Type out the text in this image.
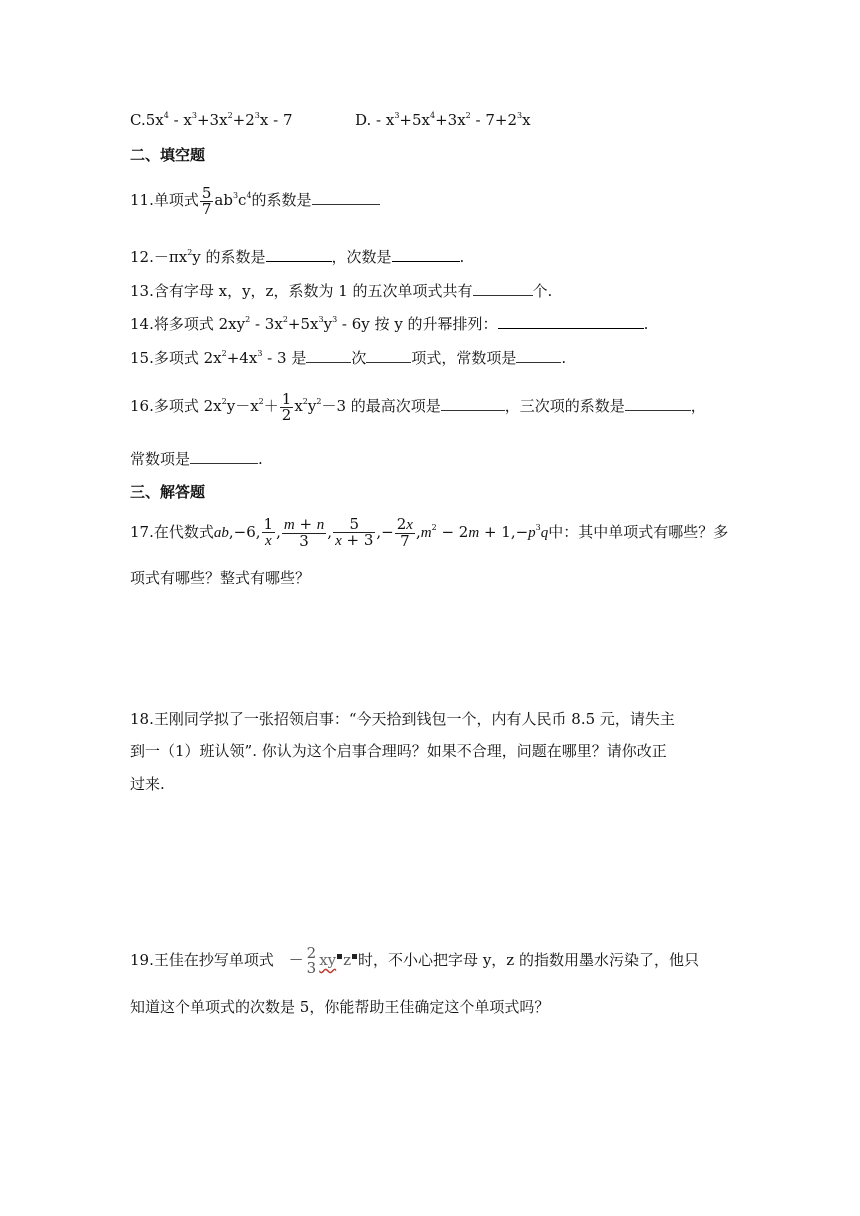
$C.5x^4$ ‑ $x^3+3x^2+2^3x$ ‑ 7	D. ‑ $x^3+5x^4+3x^2$ ‑ $7+2^3x$
二、填空题
11.单项式 $\frac{5}{7} ab^3c^4$的系数是
$12.-\pi x^2y$ 的系数是	，次数是	.
13.含有字母 x，y，z，系数为 1 的五次单项式共有	个.
14.将多项式 $2xy^2$ ‑ $3x^2+5x^3y^3$ ‑ 6y 按 y 的升幂排列：	.
15.多项式 $2x^2+4x^3$ ‑ 3 是	次	项式，常数项是	.
16.多项式 $2x^2y-x^2+ \frac{1}{2} x^2y^2-3$ 的最高次项是	，三次项的系数是	，
常数项是	.
三、解答题
17.在代数式ab,−6, $\frac{1}{x}$ , $\frac{m + n}{3}$ , $\frac{5}{x + 3}$ ,− $\frac{2x}{7} ,m^2 - 2m + 1,-p^3q$中：其中单项式有哪些？多
项式有哪些？整式有哪些？
18.王刚同学拟了一张招领启事：“今天拾到钱包一个，内有人民币 8.5 元，请失主
到一（1）班认领”. 你认为这个启事合理吗？如果不合理，问题在哪里？请你改正
过来.
19.王佳在抄写单项式 － 2
3 xy z 时，不小心把字母 y，z 的指数用墨水污染了，他只
知道这个单项式的次数是 5，你能帮助王佳确定这个单项式吗？
